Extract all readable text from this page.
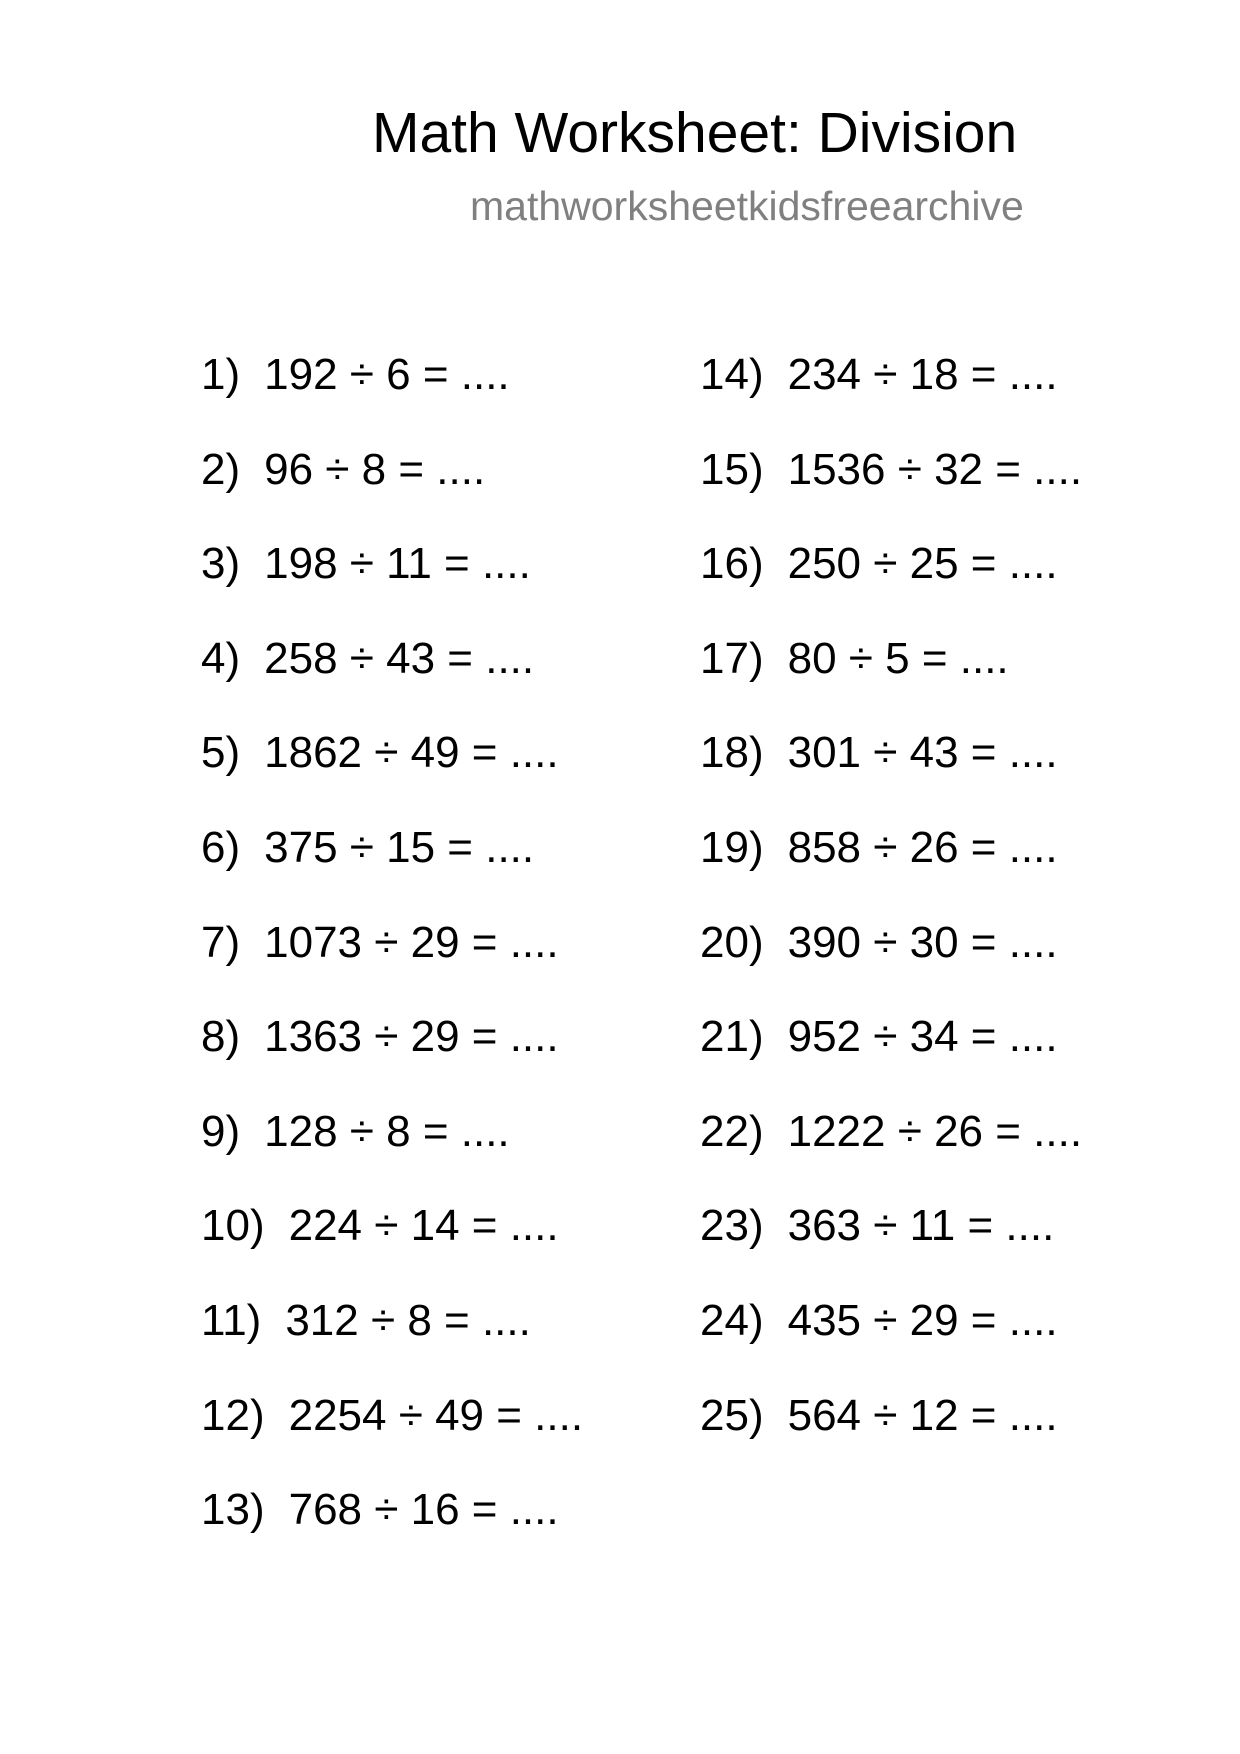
Math Worksheet: Division
mathworksheetkidsfreearchive
1) 192 ÷ 6 = ....
2) 96 ÷ 8 = ....
3) 198 ÷ 11 = ....
4) 258 ÷ 43 = ....
5) 1862 ÷ 49 = ....
6) 375 ÷ 15 = ....
7) 1073 ÷ 29 = ....
8) 1363 ÷ 29 = ....
9) 128 ÷ 8 = ....
10) 224 ÷ 14 = ....
11) 312 ÷ 8 = ....
12) 2254 ÷ 49 = ....
13) 768 ÷ 16 = ....
14) 234 ÷ 18 = ....
15) 1536 ÷ 32 = ....
16) 250 ÷ 25 = ....
17) 80 ÷ 5 = ....
18) 301 ÷ 43 = ....
19) 858 ÷ 26 = ....
20) 390 ÷ 30 = ....
21) 952 ÷ 34 = ....
22) 1222 ÷ 26 = ....
23) 363 ÷ 11 = ....
24) 435 ÷ 29 = ....
25) 564 ÷ 12 = ....
